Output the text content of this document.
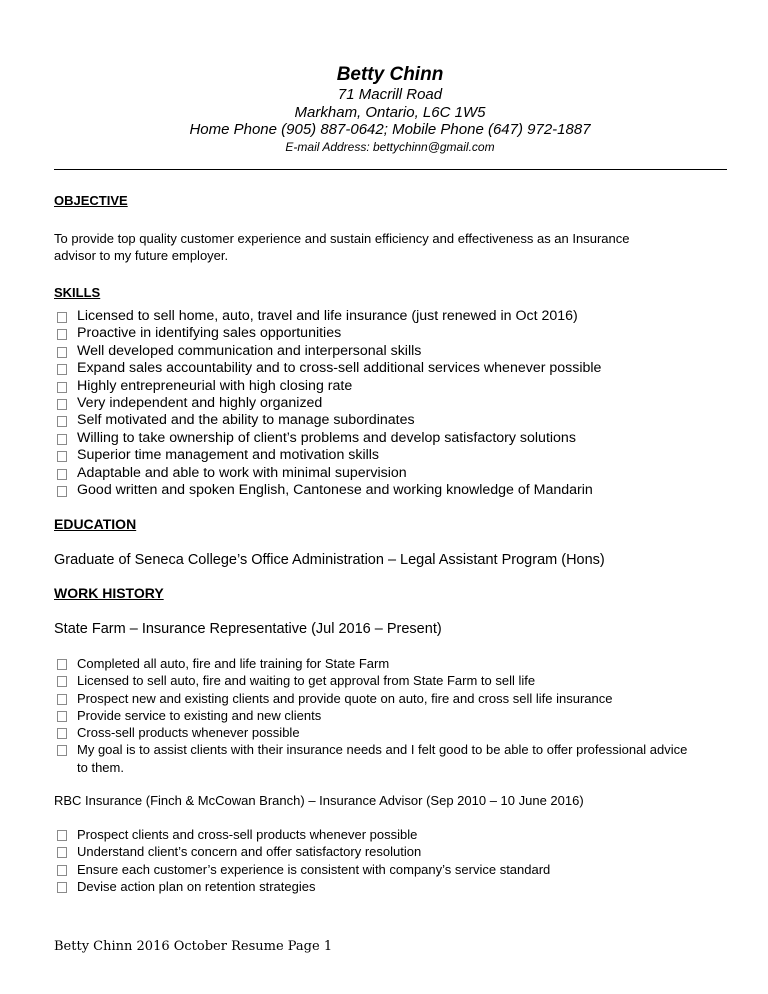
Betty Chinn
71 Macrill Road
Markham, Ontario, L6C 1W5
Home Phone (905) 887-0642; Mobile Phone (647) 972-1887
E-mail Address: bettychinn@gmail.com
OBJECTIVE
To provide top quality customer experience and sustain efficiency and effectiveness as an Insurance
advisor to my future employer.
SKILLS
Licensed to sell home, auto, travel and life insurance (just renewed in Oct 2016)
Proactive in identifying sales opportunities
Well developed communication and interpersonal skills
Expand sales accountability and to cross-sell additional services whenever possible
Highly entrepreneurial with high closing rate
Very independent and highly organized
Self motivated and the ability to manage subordinates
Willing to take ownership of client’s problems and develop satisfactory solutions
Superior time management and motivation skills
Adaptable and able to work with minimal supervision
Good written and spoken English, Cantonese and working knowledge of Mandarin
EDUCATION
Graduate of Seneca College’s Office Administration – Legal Assistant Program (Hons)
WORK HISTORY
State Farm – Insurance Representative (Jul 2016 – Present)
Completed all auto, fire and life training for State Farm
Licensed to sell auto, fire and waiting to get approval from State Farm to sell life
Prospect new and existing clients and provide quote on auto, fire and cross sell life insurance
Provide service to existing and new clients
Cross-sell products whenever possible
My goal is to assist clients with their insurance needs and I felt good to be able to offer professional advice
to them.
RBC Insurance (Finch & McCowan Branch) – Insurance Advisor (Sep 2010 – 10 June 2016)
Prospect clients and cross-sell products whenever possible
Understand client’s concern and offer satisfactory resolution
Ensure each customer’s experience is consistent with company’s service standard
Devise action plan on retention strategies
Betty Chinn 2016 October Resume Page 1
